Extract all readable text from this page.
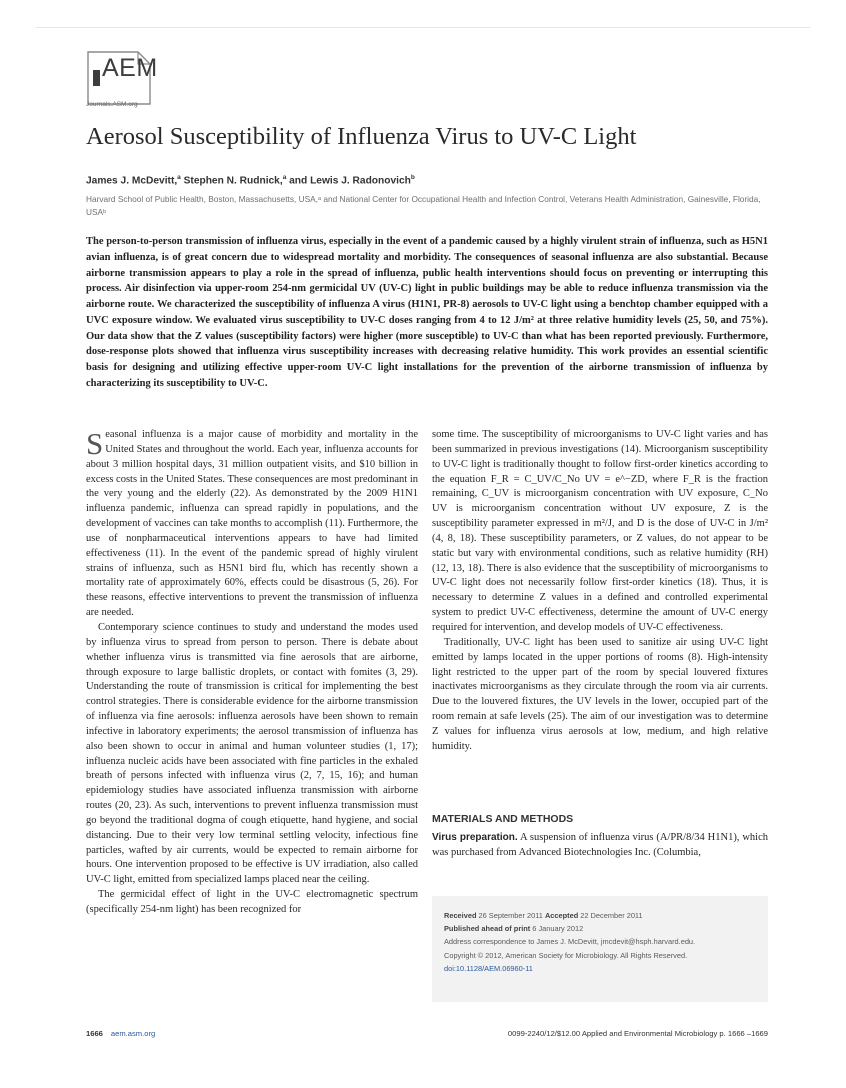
AEM
Journals.ASM.org
Aerosol Susceptibility of Influenza Virus to UV-C Light
James J. McDevitt,$^a$ Stephen N. Rudnick,$^a$ and Lewis J. Radonovich$^b$
Harvard School of Public Health, Boston, Massachusetts, USA,ᵃ and National Center for Occupational Health and Infection Control, Veterans Health Administration, Gainesville, Florida, USAᵇ
The person-to-person transmission of influenza virus, especially in the event of a pandemic caused by a highly virulent strain of influenza, such as H5N1 avian influenza, is of great concern due to widespread mortality and morbidity. The consequences of seasonal influenza are also substantial. Because airborne transmission appears to play a role in the spread of influenza, public health interventions should focus on preventing or interrupting this process. Air disinfection via upper-room 254-nm germicidal UV (UV-C) light in public buildings may be able to reduce influenza transmission via the airborne route. We characterized the susceptibility of influenza A virus (H1N1, PR-8) aerosols to UV-C light using a benchtop chamber equipped with a UVC exposure window. We evaluated virus susceptibility to UV-C doses ranging from 4 to 12 J/m² at three relative humidity levels (25, 50, and 75%). Our data show that the Z values (susceptibility factors) were higher (more susceptible) to UV-C than what has been reported previously. Furthermore, dose-response plots showed that influenza virus susceptibility increases with decreasing relative humidity. This work provides an essential scientific basis for designing and utilizing effective upper-room UV-C light installations for the prevention of the airborne transmission of influenza by characterizing its susceptibility to UV-C.

Seasonal influenza is a major cause of morbidity and mortality in the United States and throughout the world. Each year, influenza accounts for about 3 million hospital days, 31 million outpatient visits, and $10 billion in excess costs in the United States. These consequences are most predominant in the very young and the elderly (22). As demonstrated by the 2009 H1N1 influenza pandemic, influenza can spread rapidly in populations, and the development of vaccines can take months to accomplish (11). Furthermore, the use of nonpharmaceutical interventions appears to have had limited effectiveness (11). In the event of the pandemic spread of highly virulent strains of influenza, such as H5N1 bird flu, which has recently shown a mortality rate of approximately 60%, effects could be disastrous (5, 26). For these reasons, effective interventions to prevent the transmission of influenza are needed.

Contemporary science continues to study and understand the modes used by influenza virus to spread from person to person. There is debate about whether influenza virus is transmitted via fine aerosols that are airborne, through exposure to large ballistic droplets, or contact with fomites (3, 29). Understanding the route of transmission is critical for implementing the best control strategies. There is considerable evidence for the airborne transmission of influenza via fine aerosols: influenza aerosols have been shown to remain infective in laboratory experiments; the aerosol transmission of influenza has also been shown to occur in animal and human volunteer studies (1, 17); influenza nucleic acids have been associated with fine particles in the exhaled breath of persons infected with influenza virus (2, 7, 15, 16); and human epidemiology studies have associated influenza transmission with airborne routes (20, 23). As such, interventions to prevent influenza transmission must go beyond the traditional dogma of cough etiquette, hand hygiene, and social distancing. Due to their very low terminal settling velocity, infectious fine particles, wafted by air currents, would be expected to remain airborne for hours. One intervention proposed to be effective is UV irradiation, also called UV-C light, emitted from specialized lamps placed near the ceiling.

The germicidal effect of light in the UV-C electromagnetic spectrum (specifically 254-nm light) has been recognized for

some time. The susceptibility of microorganisms to UV-C light varies and has been summarized in previous investigations (14). Microorganism susceptibility to UV-C light is traditionally thought to follow first-order kinetics according to the equation F_R = C_UV/C_No UV = e^−ZD, where F_R is the fraction remaining, C_UV is microorganism concentration with UV exposure, C_No UV is microorganism concentration without UV exposure, Z is the susceptibility parameter expressed in m²/J, and D is the dose of UV-C in J/m² (4, 8, 18). These susceptibility parameters, or Z values, do not appear to be static but vary with environmental conditions, such as relative humidity (RH) (12, 13, 18). There is also evidence that the susceptibility of microorganisms to UV-C light does not necessarily follow first-order kinetics (18). Thus, it is necessary to determine Z values in a defined and controlled experimental system to predict UV-C effectiveness, determine the amount of UV-C energy required for intervention, and develop models of UV-C effectiveness.

Traditionally, UV-C light has been used to sanitize air using UV-C light emitted by lamps located in the upper portions of rooms (8). High-intensity light restricted to the upper part of the room by special louvered fixtures inactivates microorganisms as they circulate through the room via air currents. Due to the louvered fixtures, the UV levels in the lower, occupied part of the room remain at safe levels (25). The aim of our investigation was to determine Z values for influenza virus aerosols at low, medium, and high relative humidity.

MATERIALS AND METHODS
Virus preparation. A suspension of influenza virus (A/PR/8/34 H1N1), which was purchased from Advanced Biotechnologies Inc. (Columbia,
Received 26 September 2011 Accepted 22 December 2011
Published ahead of print 6 January 2012
Address correspondence to James J. McDevitt, jmcdevit@hsph.harvard.edu.
Copyright © 2012, American Society for Microbiology. All Rights Reserved.
doi:10.1128/AEM.06960-11
1666 aem.asm.org	0099-2240/12/$12.00 Applied and Environmental Microbiology p. 1666 –1669
